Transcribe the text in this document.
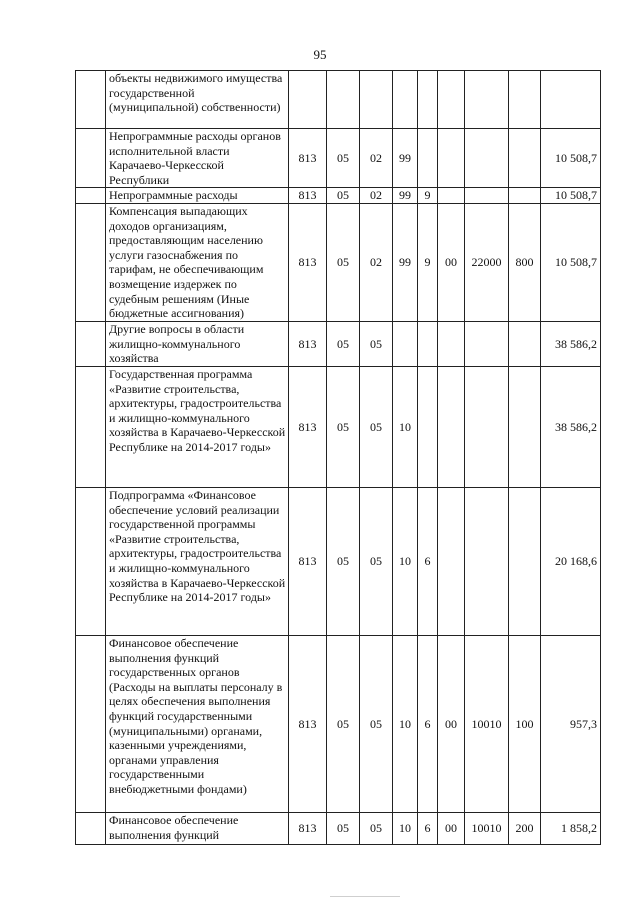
95
	объекты недвижимого имущества государственной (муниципальной) собственности)									
	Непрограммные расходы органов исполнительной власти Карачаево-Черкесской Республики	813	05	02	99					10 508,7
	Непрограммные расходы	813	05	02	99	9				10 508,7
	Компенсация выпадающих доходов организациям, предоставляющим населению услуги газоснабжения по тарифам, не обеспечивающим возмещение издержек по судебным решениям (Иные бюджетные ассигнования)	813	05	02	99	9	00	22000	800	10 508,7
	Другие вопросы в области жилищно-коммунального хозяйства	813	05	05						38 586,2
	Государственная программа «Развитие строительства, архитектуры, градостроительства и жилищно-коммунального хозяйства в Карачаево-Черкесской Республике на 2014-2017 годы»	813	05	05	10					38 586,2
	Подпрограмма «Финансовое обеспечение условий реализации государственной программы «Развитие строительства, архитектуры, градостроительства и жилищно-коммунального хозяйства в Карачаево-Черкесской Республике на 2014-2017 годы»	813	05	05	10	6				20 168,6
	Финансовое обеспечение выполнения функций государственных органов (Расходы на выплаты персоналу в целях обеспечения выполнения функций государственными (муниципальными) органами, казенными учреждениями, органами управления государственными внебюджетными фондами)	813	05	05	10	6	00	10010	100	957,3
	Финансовое обеспечение выполнения функций	813	05	05	10	6	00	10010	200	1 858,2
